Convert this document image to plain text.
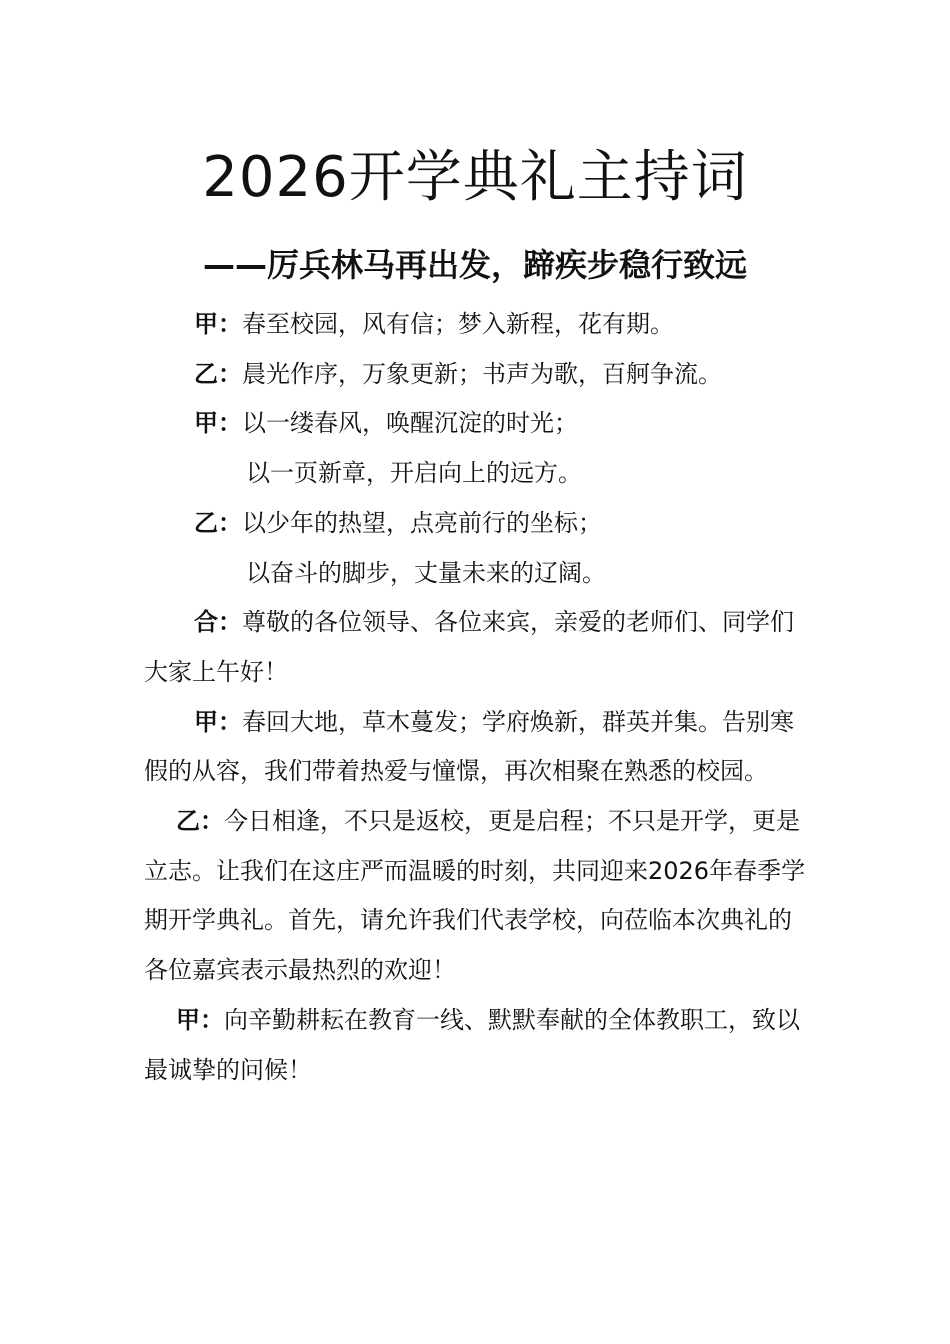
2026开学典礼主持词
——厉兵林马再出发，蹄疾步稳行致远

甲：春至校园，风有信；梦入新程，花有期。

乙：晨光作序，万象更新；书声为歌，百舸争流。

甲：以一缕春风，唤醒沉淀的时光；

以一页新章，开启向上的远方。

乙：以少年的热望，点亮前行的坐标；

以奋斗的脚步，丈量未来的辽阔。

合：尊敬的各位领导、各位来宾，亲爱的老师们、同学们大家上午好！

甲：春回大地，草木蔓发；学府焕新，群英并集。告别寒假的从容，我们带着热爱与憧憬，再次相聚在熟悉的校园。

乙：今日相逢，不只是返校，更是启程；不只是开学，更是立志。让我们在这庄严而温暖的时刻，共同迎来2026年春季学期开学典礼。首先，请允许我们代表学校，向莅临本次典礼的各位嘉宾表示最热烈的欢迎！

甲：向辛勤耕耘在教育一线、默默奉献的全体教职工，致以最诚挚的问候！
